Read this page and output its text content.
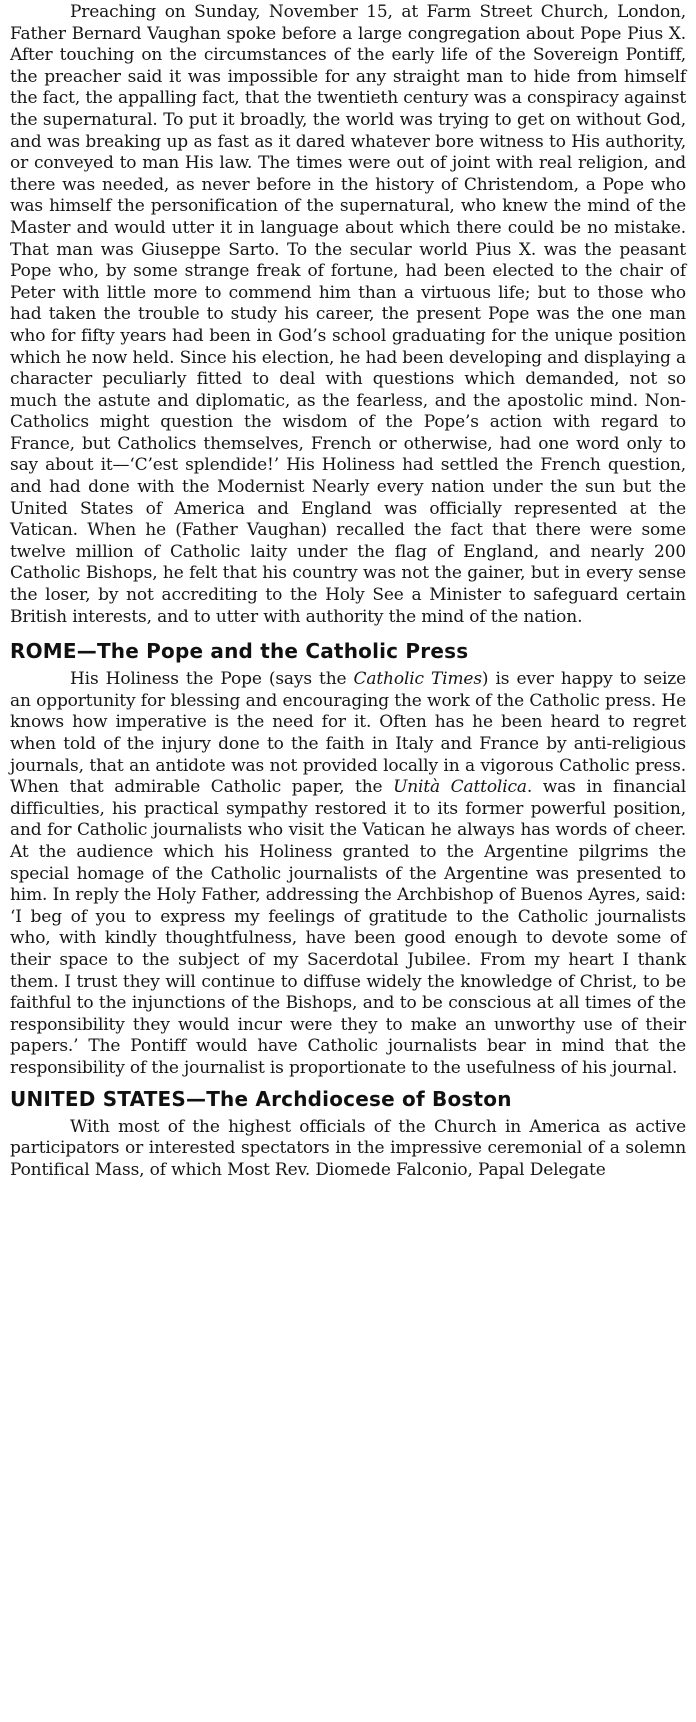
Preaching on Sunday, November 15, at Farm Street Church, London, Father Bernard Vaughan spoke before a large congregation about Pope Pius X. After touching on the circumstances of the early life of the Sovereign Pontiff, the preacher said it was impossible for any straight man to hide from himself the fact, the appalling fact, that the twentieth century was a conspiracy against the supernatural. To put it broadly, the world was trying to get on without God, and was breaking up as fast as it dared whatever bore witness to His authority, or conveyed to man His law. The times were out of joint with real religion, and there was needed, as never before in the history of Christendom, a Pope who was himself the personification of the supernatural, who knew the mind of the Master and would utter it in language about which there could be no mistake. That man was Giuseppe Sarto. To the secular world Pius X. was the peasant Pope who, by some strange freak of fortune, had been elected to the chair of Peter with little more to commend him than a virtuous life; but to those who had taken the trouble to study his career, the present Pope was the one man who for fifty years had been in God’s school graduating for the unique position which he now held. Since his election, he had been developing and displaying a character peculiarly fitted to deal with questions which demanded, not so much the astute and diplomatic, as the fearless, and the apostolic mind. Non-Catholics might question the wisdom of the Pope’s action with regard to France, but Catholics themselves, French or otherwise, had one word only to say about it—‘C’est splendide!’ His Holiness had settled the French question, and had done with the Modernist Nearly every nation under the sun but the United States of America and England was officially represented at the Vatican. When he (Father Vaughan) recalled the fact that there were some twelve million of Catholic laity under the flag of England, and nearly 200 Catholic Bishops, he felt that his country was not the gainer, but in every sense the loser, by not accrediting to the Holy See a Minister to safeguard certain British interests, and to utter with authority the mind of the nation.

ROME—The Pope and the Catholic Press

His Holiness the Pope (says the Catholic Times) is ever happy to seize an opportunity for blessing and encouraging the work of the Catholic press. He knows how imperative is the need for it. Often has he been heard to regret when told of the injury done to the faith in Italy and France by anti-religious journals, that an antidote was not provided locally in a vigorous Catholic press. When that admirable Catholic paper, the Unità Cattolica. was in financial difficulties, his practical sympathy restored it to its former powerful position, and for Catholic journalists who visit the Vatican he always has words of cheer. At the audience which his Holiness granted to the Argentine pilgrims the special homage of the Catholic journalists of the Argentine was presented to him. In reply the Holy Father, addressing the Archbishop of Buenos Ayres, said: ‘I beg of you to express my feelings of gratitude to the Catholic journalists who, with kindly thoughtfulness, have been good enough to devote some of their space to the subject of my Sacerdotal Jubilee. From my heart I thank them. I trust they will continue to diffuse widely the knowledge of Christ, to be faithful to the injunctions of the Bishops, and to be conscious at all times of the responsibility they would incur were they to make an unworthy use of their papers.’ The Pontiff would have Catholic journalists bear in mind that the responsibility of the journalist is proportionate to the usefulness of his journal.

UNITED STATES—The Archdiocese of Boston

With most of the highest officials of the Church in America as active participators or interested spectators in the impressive ceremonial of a solemn Pontifical Mass, of which Most Rev. Diomede Falconio, Papal Delegate
